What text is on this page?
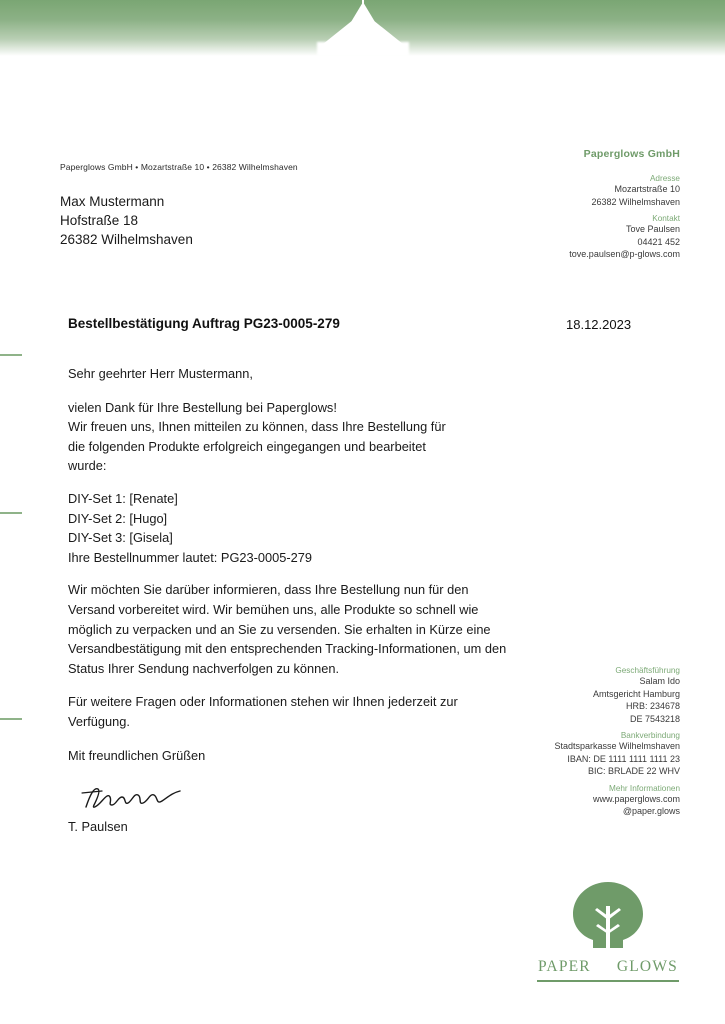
Paperglows GmbH • Mozartstraße 10 • 26382 Wilhelmshaven
Max Mustermann
Hofstraße 18
26382 Wilhelmshaven
Bestellbestätigung Auftrag PG23-0005-279	18.12.2023

Sehr geehrter Herr Mustermann,

vielen Dank für Ihre Bestellung bei Paperglows!

Wir freuen uns, Ihnen mitteilen zu können, dass Ihre Bestellung für

die folgenden Produkte erfolgreich eingegangen und bearbeitet

wurde:

DIY-Set 1: [Renate]

DIY-Set 2: [Hugo]

DIY-Set 3: [Gisela]

Ihre Bestellnummer lautet: PG23-0005-279

Wir möchten Sie darüber informieren, dass Ihre Bestellung nun für den Versand vorbereitet wird. Wir bemühen uns, alle Produkte so schnell wie möglich zu verpacken und an Sie zu versenden. Sie erhalten in Kürze eine Versandbestätigung mit den entsprechenden Tracking-Informationen, um den Status Ihrer Sendung nachverfolgen zu können.

Für weitere Fragen oder Informationen stehen wir Ihnen jederzeit zur Verfügung.

Mit freundlichen Grüßen
T. Paulsen
Paperglows GmbH
Adresse
Mozartstraße 10
26382 Wilhelmshaven
Kontakt
Tove Paulsen
04421 452
tove.paulsen@p-glows.com
Geschäftsführung
Salam Ido
Amtsgericht Hamburg
HRB: 234678
DE 7543218
Bankverbindung
Stadtsparkasse Wilhelmshaven
IBAN: DE 1111 1111 1111 23
BIC: BRLADE 22 WHV
Mehr Informationen
www.paperglows.com
@paper.glows
PAPER GLOWS
